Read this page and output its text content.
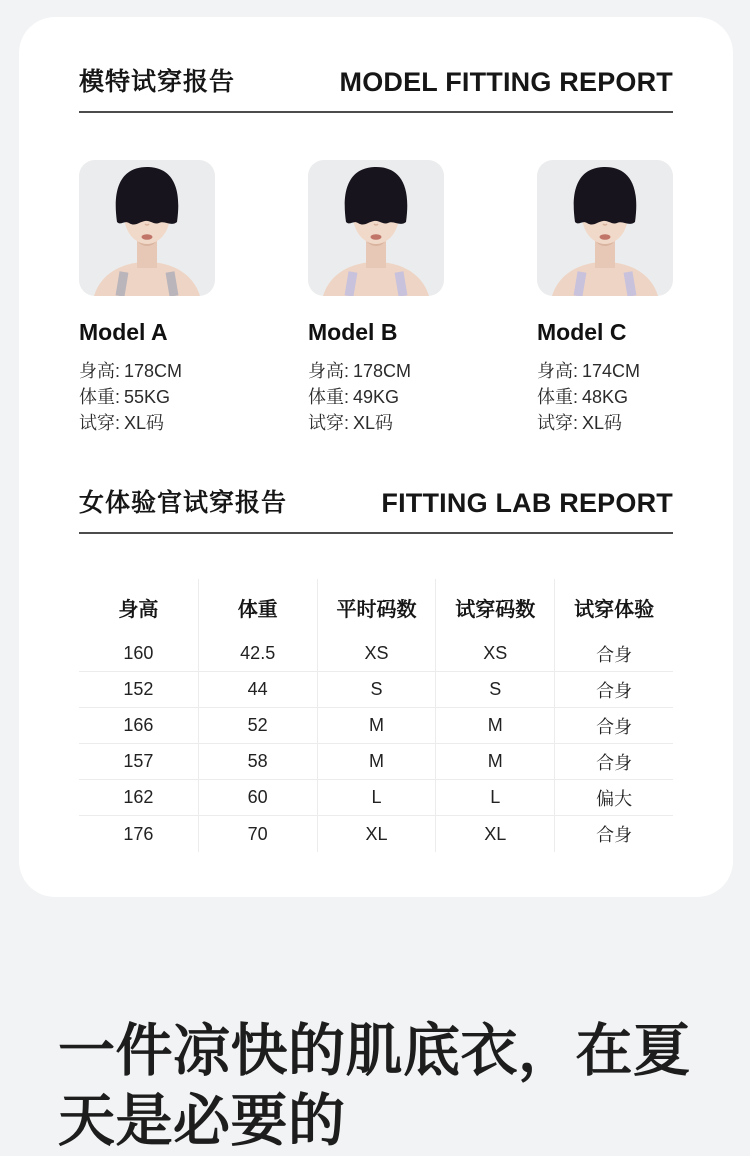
模特试穿报告	MODEL FITTING REPORT
Model A
身高: 178CM
体重: 55KG
试穿: XL码
Model B
身高: 178CM
体重: 49KG
试穿: XL码
Model C
身高: 174CM
体重: 48KG
试穿: XL码
女体验官试穿报告	FITTING LAB REPORT
身高	体重	平时码数	试穿码数	试穿体验
160	42.5	XS	XS	合身
152	44	S	S	合身
166	52	M	M	合身
157	58	M	M	合身
162	60	L	L	偏大
176	70	XL	XL	合身
一件凉快的肌底衣，在夏
天是必要的
